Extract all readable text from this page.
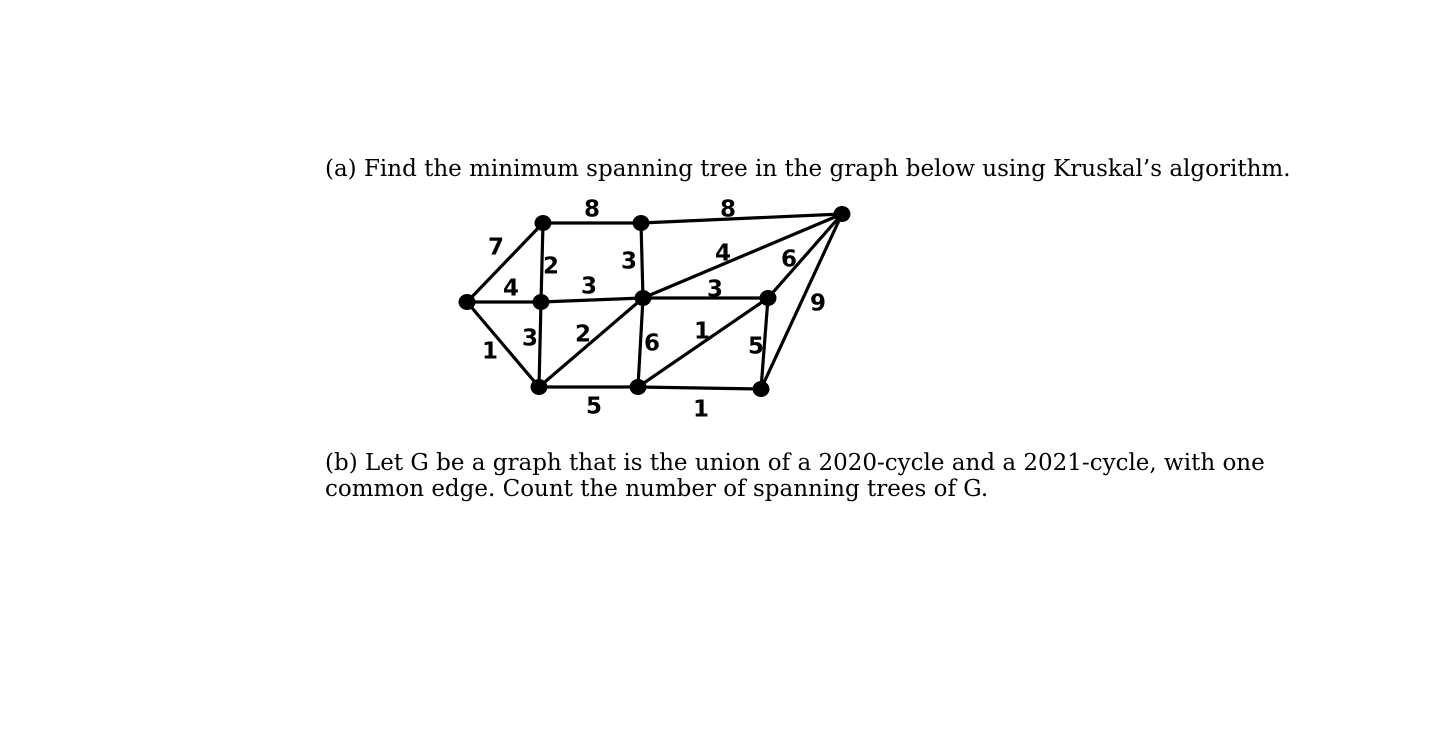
(a) Find the minimum spanning tree in the graph below using Kruskal’s algorithm.

7
4
1
2
8
3
8
3
3 2
5
4
3
6 1
1
6
5
9

(b) Let G be a graph that is the union of a 2020-cycle and a 2021-cycle, with one
common edge. Count the number of spanning trees of G.
